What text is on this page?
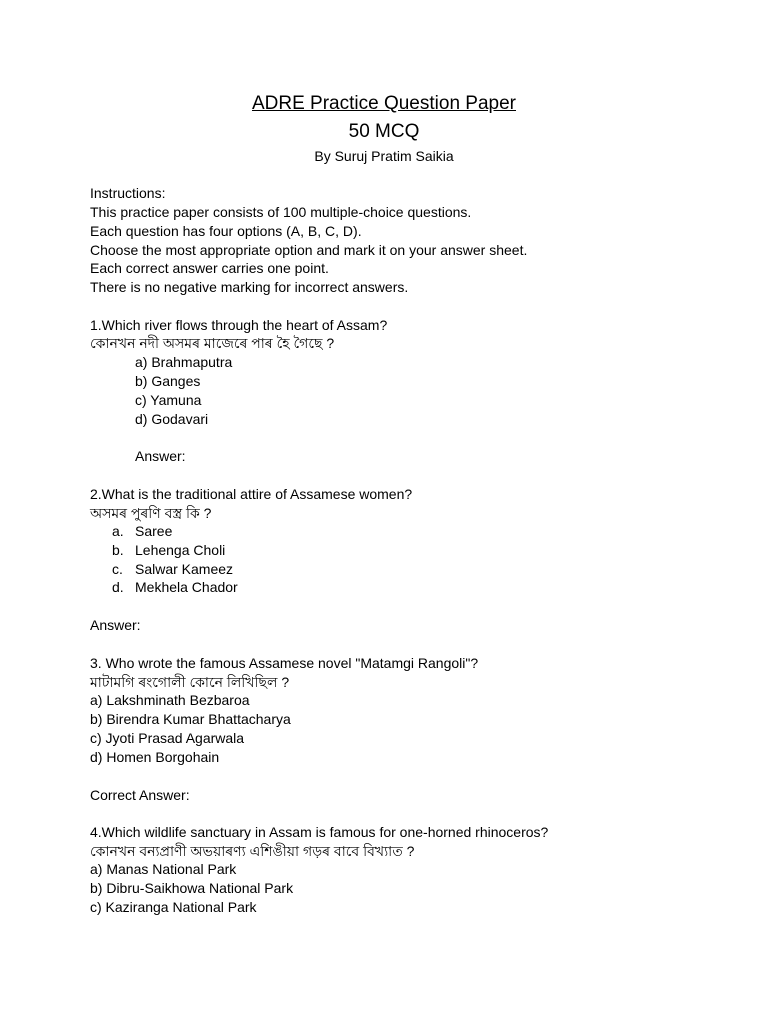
ADRE Practice Question Paper
50 MCQ
By Suruj Pratim Saikia
Instructions:
This practice paper consists of 100 multiple-choice questions.
Each question has four options (A, B, C, D).
Choose the most appropriate option and mark it on your answer sheet.
Each correct answer carries one point.
There is no negative marking for incorrect answers.
1.Which river flows through the heart of Assam?
কোনখন নদী অসমৰ মাজেৰে পাৰ হৈ গৈছে ?
a) Brahmaputra
b) Ganges
c) Yamuna
d) Godavari
Answer:
2.What is the traditional attire of Assamese women?
অসমৰ পুৰণি বস্ত্ৰ কি ?
a. Saree
b. Lehenga Choli
c. Salwar Kameez
d. Mekhela Chador
Answer:
3. Who wrote the famous Assamese novel "Matamgi Rangoli"?
মাটামগি ৰংগোলী কোনে লিখিছিল ?
a) Lakshminath Bezbaroa
b) Birendra Kumar Bhattacharya
c) Jyoti Prasad Agarwala
d) Homen Borgohain
Correct Answer:
4.Which wildlife sanctuary in Assam is famous for one-horned rhinoceros?
কোনখন বন্যপ্ৰাণী অভয়াৰণ্য এশিঙীয়া গড়ৰ বাবে বিখ্যাত ?
a) Manas National Park
b) Dibru-Saikhowa National Park
c) Kaziranga National Park
